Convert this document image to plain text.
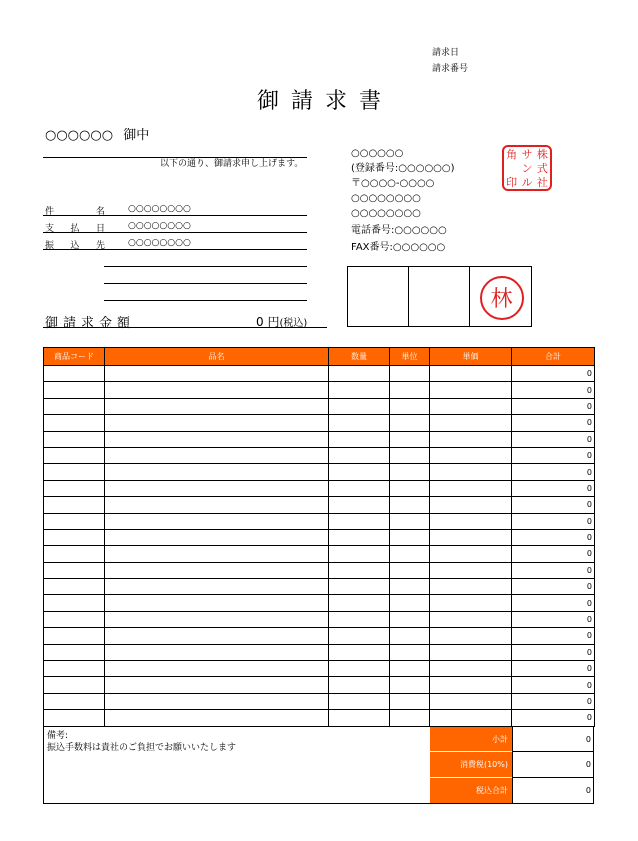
請求日
請求番号
御請求書
○○○○○○ 御中
以下の通り、御請求申し上げます。
件	名	○○○○○○○○
支 払 日	○○○○○○○○
振 込 先	○○○○○○○○
○○○○○○
(登録番号:○○○○○○)
〒○○○○-○○○○
○○○○○○○○
○○○○○○○○
電話番号:○○○○○○
FAX番号:○○○○○○
角 サ 株
ン 式
印 ル 社
林
御請求金額	0 円(税込)
商品コード	品名	数量	単位	単価	合計
					0
					0
					0
					0
					0
					0
					0
					0
					0
					0
					0
					0
					0
					0
					0
					0
					0
					0
					0
					0
					0
					0
備考:
振込手数料は貴社のご負担でお願いいたします
小計	0
消費税(10%)	0
税込合計	0
